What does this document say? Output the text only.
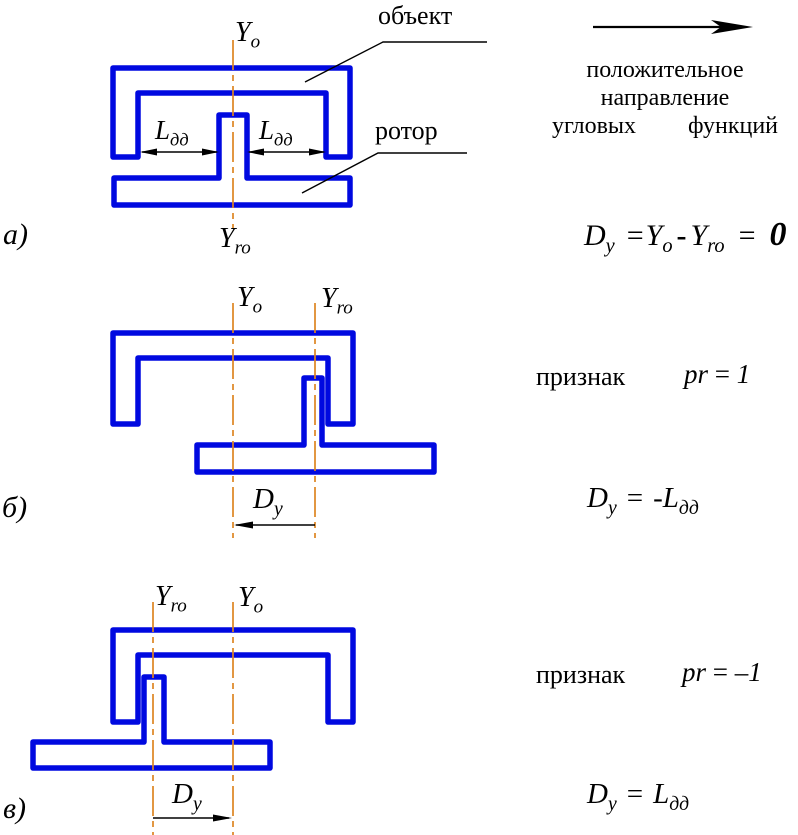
положительное
направление
угловых функций
объект
ротор
$Y_o$
$Y_{ro}$
$L_{дд}$	$L_{дд}$
а)	$D_y =Y_o - Y_{ro} = 0$
$Y_o$ $Y_{ro}$
$D_y$
б)
признак pr = 1
$D_y = -L_{дд}$
$Y_{ro}$ $Y_o$
$D_y$
в)
признак pr = –1
$D_y = L_{дд}$
